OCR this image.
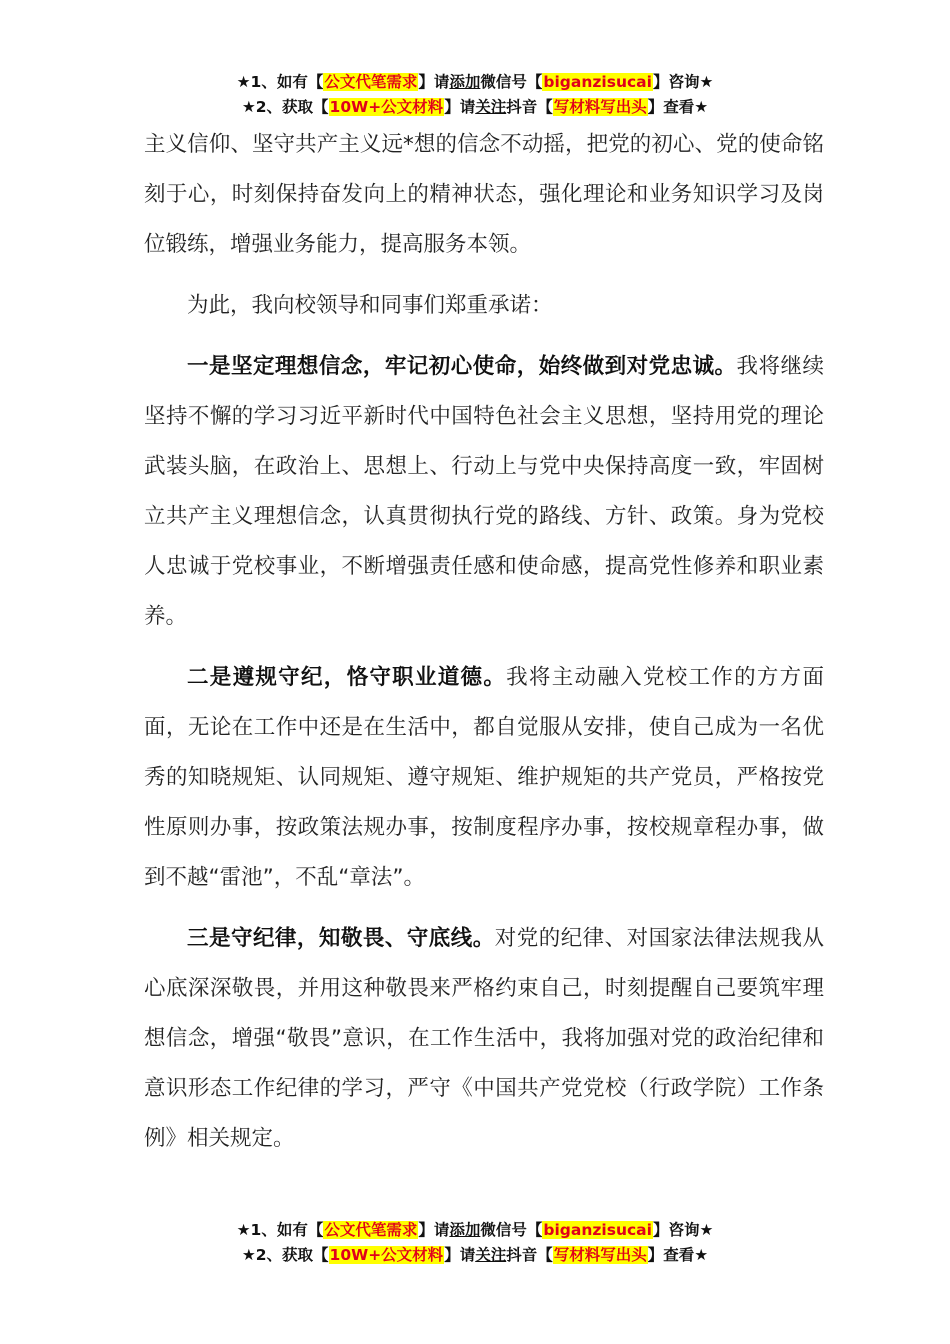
★1、如有【公文代笔需求】请添加微信号【biganzisucai】咨询★
★2、获取【10W+公文材料】请关注抖音【写材料写出头】查看★

主义信仰、坚守共产主义远*想的信念不动摇，把党的初心、党的使命铭刻于心，时刻保持奋发向上的精神状态，强化理论和业务知识学习及岗位锻练，增强业务能力，提高服务本领。

为此，我向校领导和同事们郑重承诺：

一是坚定理想信念，牢记初心使命，始终做到对党忠诚。我将继续坚持不懈的学习习近平新时代中国特色社会主义思想，坚持用党的理论武装头脑，在政治上、思想上、行动上与党中央保持高度一致，牢固树立共产主义理想信念，认真贯彻执行党的路线、方针、政策。身为党校人忠诚于党校事业，不断增强责任感和使命感，提高党性修养和职业素养。

二是遵规守纪，恪守职业道德。我将主动融入党校工作的方方面面，无论在工作中还是在生活中，都自觉服从安排，使自己成为一名优秀的知晓规矩、认同规矩、遵守规矩、维护规矩的共产党员，严格按党性原则办事，按政策法规办事，按制度程序办事，按校规章程办事，做到不越“雷池”，不乱“章法”。

三是守纪律，知敬畏、守底线。对党的纪律、对国家法律法规我从心底深深敬畏，并用这种敬畏来严格约束自己，时刻提醒自己要筑牢理想信念，增强“敬畏”意识，在工作生活中，我将加强对党的政治纪律和意识形态工作纪律的学习，严守《中国共产党党校（行政学院）工作条例》相关规定。

★1、如有【公文代笔需求】请添加微信号【biganzisucai】咨询★
★2、获取【10W+公文材料】请关注抖音【写材料写出头】查看★
